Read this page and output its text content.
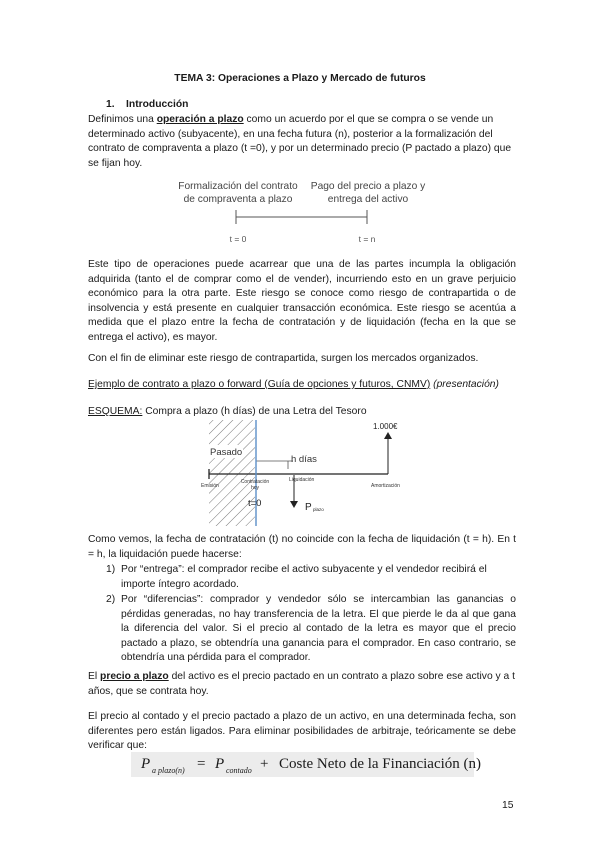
TEMA 3: Operaciones a Plazo y Mercado de futuros
1. Introducción
Definimos una operación a plazo como un acuerdo por el que se compra o se vende un determinado activo (subyacente), en una fecha futura (n), posterior a la formalización del contrato de compraventa a plazo (t =0), y por un determinado precio (P pactado a plazo) que se fijan hoy.
Formalización del contrato
de compraventa a plazo
Pago del precio a plazo y
entrega del activo
t = 0	t = n
Este tipo de operaciones puede acarrear que una de las partes incumpla la obligación adquirida (tanto el de comprar como el de vender), incurriendo esto en un grave perjuicio económico para la otra parte. Este riesgo se conoce como riesgo de contrapartida o de insolvencia y está presente en cualquier transacción económica. Este riesgo se acentúa a medida que el plazo entre la fecha de contratación y de liquidación (fecha en la que se entrega el activo), es mayor.
Con el fin de eliminar este riesgo de contrapartida, surgen los mercados organizados.
Ejemplo de contrato a plazo o forward (Guía de opciones y futuros, CNMV) (presentación)
ESQUEMA: Compra a plazo (h días) de una Letra del Tesoro
1.000€
Pasado
h días
Emisión
Contratación
hoy
Liquidación
Amortización
t=0	P plazo
Como vemos, la fecha de contratación (t) no coincide con la fecha de liquidación (t = h). En t = h, la liquidación puede hacerse:
1) Por “entrega”: el comprador recibe el activo subyacente y el vendedor recibirá el importe íntegro acordado.
2) Por “diferencias”: comprador y vendedor sólo se intercambian las ganancias o pérdidas generadas, no hay transferencia de la letra. El que pierde le da al que gana la diferencia del valor. Si el precio al contado de la letra es mayor que el precio pactado a plazo, se obtendría una ganancia para el comprador. En caso contrario, se obtendría una pérdida para el comprador.
El precio a plazo del activo es el precio pactado en un contrato a plazo sobre ese activo y a t años, que se contrata hoy.
El precio al contado y el precio pactado a plazo de un activo, en una determinada fecha, son diferentes pero están ligados. Para eliminar posibilidades de arbitraje, teóricamente se debe verificar que:
P a plazo(n) = P contado + Coste Neto de la Financiación (n)
15
